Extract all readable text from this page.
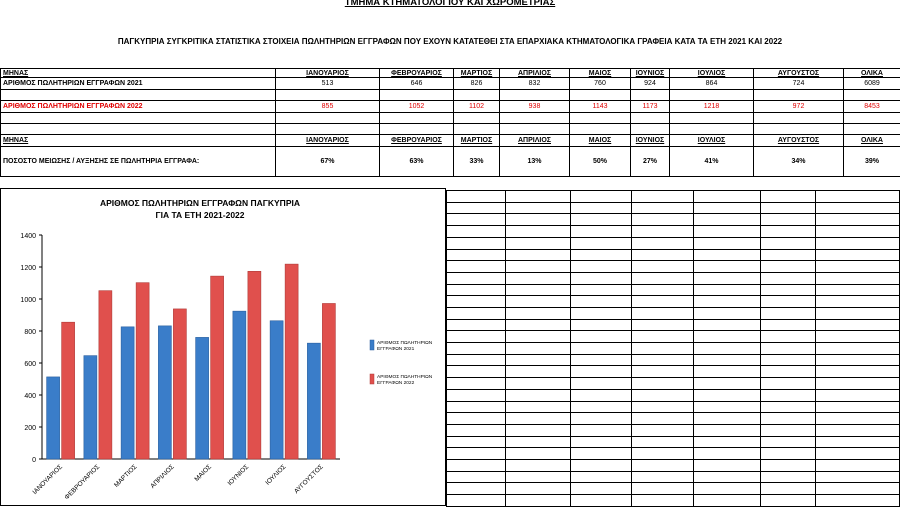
ΤΜΗΜΑ ΚΤΗΜΑΤΟΛΟΓΙΟΥ ΚΑΙ ΧΩΡΟΜΕΤΡΙΑΣ
ΠΑΓΚΥΠΡΙΑ ΣΥΓΚΡΙΤΙΚΑ ΣΤΑΤΙΣΤΙΚΑ ΣΤΟΙΧΕΙΑ ΠΩΛΗΤΗΡΙΩΝ ΕΓΓΡΑΦΩΝ ΠΟΥ ΕΧΟΥΝ ΚΑΤΑΤΕΘΕΙ ΣΤΑ ΕΠΑΡΧΙΑΚΑ ΚΤΗΜΑΤΟΛΟΓΙΚΑ ΓΡΑΦΕΙΑ ΚΑΤΑ ΤΑ ΕΤΗ 2021 ΚΑΙ 2022
ΜΗΝΑΣ	ΙΑΝΟΥΑΡΙΟΣ	ΦΕΒΡΟΥΑΡΙΟΣ	ΜΑΡΤΙΟΣ	ΑΠΡΙΛΙΟΣ	ΜΑΙΟΣ	ΙΟΥΝΙΟΣ	ΙΟΥΛΙΟΣ	ΑΥΓΟΥΣΤΟΣ	ΟΛΙΚΑ
ΑΡΙΘΜΟΣ ΠΩΛΗΤΗΡΙΩΝ ΕΓΓΡΑΦΩΝ 2021	513	646	826	832	760	924	864	724	6089

ΑΡΙΘΜΟΣ ΠΩΛΗΤΗΡΙΩΝ ΕΓΓΡΑΦΩΝ 2022	855	1052	1102	938	1143	1173	1218	972	8453

ΜΗΝΑΣ	ΙΑΝΟΥΑΡΙΟΣ	ΦΕΒΡΟΥΑΡΙΟΣ	ΜΑΡΤΙΟΣ	ΑΠΡΙΛΙΟΣ	ΜΑΙΟΣ	ΙΟΥΝΙΟΣ	ΙΟΥΛΙΟΣ	ΑΥΓΟΥΣΤΟΣ	ΟΛΙΚΑ
ΠΟΣΟΣΤΟ ΜΕΙΩΣΗΣ / ΑΥΞΗΣΗΣ ΣΕ ΠΩΛΗΤΗΡΙΑ ΕΓΓΡΑΦΑ:	67%	63%	33%	13%	50%	27%	41%	34%	39%
ΑΡΙΘΜΟΣ ΠΩΛΗΤΗΡΙΩΝ ΕΓΓΡΑΦΩΝ ΠΑΓΚΥΠΡΙΑ
ΓΙΑ ΤΑ ΕΤΗ 2021-2022
0
200
400
600
800
1000
1200
1400
ΙΑΝΟΥΑΡΙΟΣ ΦΕΒΡΟΥΑΡΙΟΣ ΜΑΡΤΙΟΣ ΑΠΡΙΛΙΟΣ	ΜΑΙΟΣ ΙΟΥΝΙΟΣ ΙΟΥΛΙΟΣ ΑΥΓΟΥΣΤΟΣ
ΑΡΙΘΜΟΣ ΠΩΛΗΤΗΡΙΩΝ
ΕΓΓΡΑΦΩΝ 2021
ΑΡΙΘΜΟΣ ΠΩΛΗΤΗΡΙΩΝ
ΕΓΓΡΑΦΩΝ 2022
